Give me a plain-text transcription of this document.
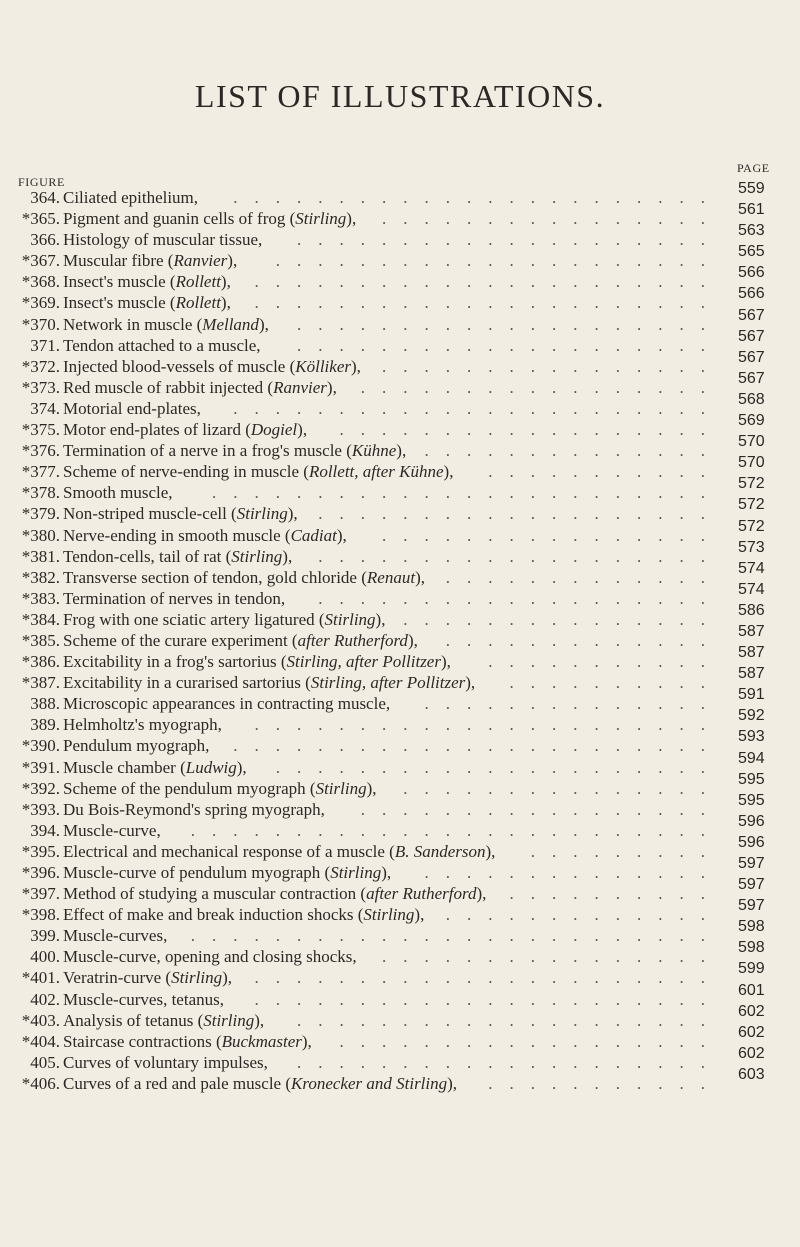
LIST OF ILLUSTRATIONS.
FIGURE
PAGE
364. Ciliated epithelium, ....................... 559
*365. Pigment and guanin cells of frog (Stirling), ................ 561
366. Histology of muscular tissue, .................... 563
*367. Muscular fibre (Ranvier), ..................... 565
*368. Insect's muscle (Rollett), ...................... 566
*369. Insect's muscle (Rollett), ...................... 566
*370. Network in muscle (Melland), .................... 567
371. Tendon attached to a muscle, .................... 567
*372. Injected blood-vessels of muscle (Kölliker), ................ 567
*373. Red muscle of rabbit injected (Ranvier), ................. 567
374. Motorial end-plates, ....................... 568
*375. Motor end-plates of lizard (Dogiel), .................. 569
*376. Termination of a nerve in a frog's muscle (Kühne), .............. 570
*377. Scheme of nerve-ending in muscle (Rollett, after Kühne), ........... 570
*378. Smooth muscle, ........................ 572
*379. Non-striped muscle-cell (Stirling), ................... 572
*380. Nerve-ending in smooth muscle (Cadiat), ................ 572
*381. Tendon-cells, tail of rat (Stirling), ................... 573
*382. Transverse section of tendon, gold chloride (Renaut), ............. 574
*383. Termination of nerves in tendon, ................... 574
*384. Frog with one sciatic artery ligatured (Stirling), ............... 586
*385. Scheme of the curare experiment (after Rutherford), ............. 587
*386. Excitability in a frog's sartorius (Stirling, after Pollitzer), ........... 587
*387. Excitability in a curarised sartorius (Stirling, after Pollitzer), .......... 587
388. Microscopic appearances in contracting muscle, .............. 591
389. Helmholtz's myograph, ...................... 592
*390. Pendulum myograph, ....................... 593
*391. Muscle chamber (Ludwig), ..................... 594
*392. Scheme of the pendulum myograph (Stirling), ............... 595
*393. Du Bois-Reymond's spring myograph, ................. 595
394. Muscle-curve, ......................... 596
*395. Electrical and mechanical response of a muscle (B. Sanderson), ......... 596
*396. Muscle-curve of pendulum myograph (Stirling), .............. 597
*397. Method of studying a muscular contraction (after Rutherford), .......... 597
*398. Effect of make and break induction shocks (Stirling), ............. 597
399. Muscle-curves, ......................... 598
400. Muscle-curve, opening and closing shocks, ................ 598
*401. Veratrin-curve (Stirling), ...................... 599
402. Muscle-curves, tetanus, ...................... 601
*403. Analysis of tetanus (Stirling), .................... 602
*404. Staircase contractions (Buckmaster), .................. 602
405. Curves of voluntary impulses, .................... 602
*406. Curves of a red and pale muscle (Kronecker and Stirling), ........... 603
